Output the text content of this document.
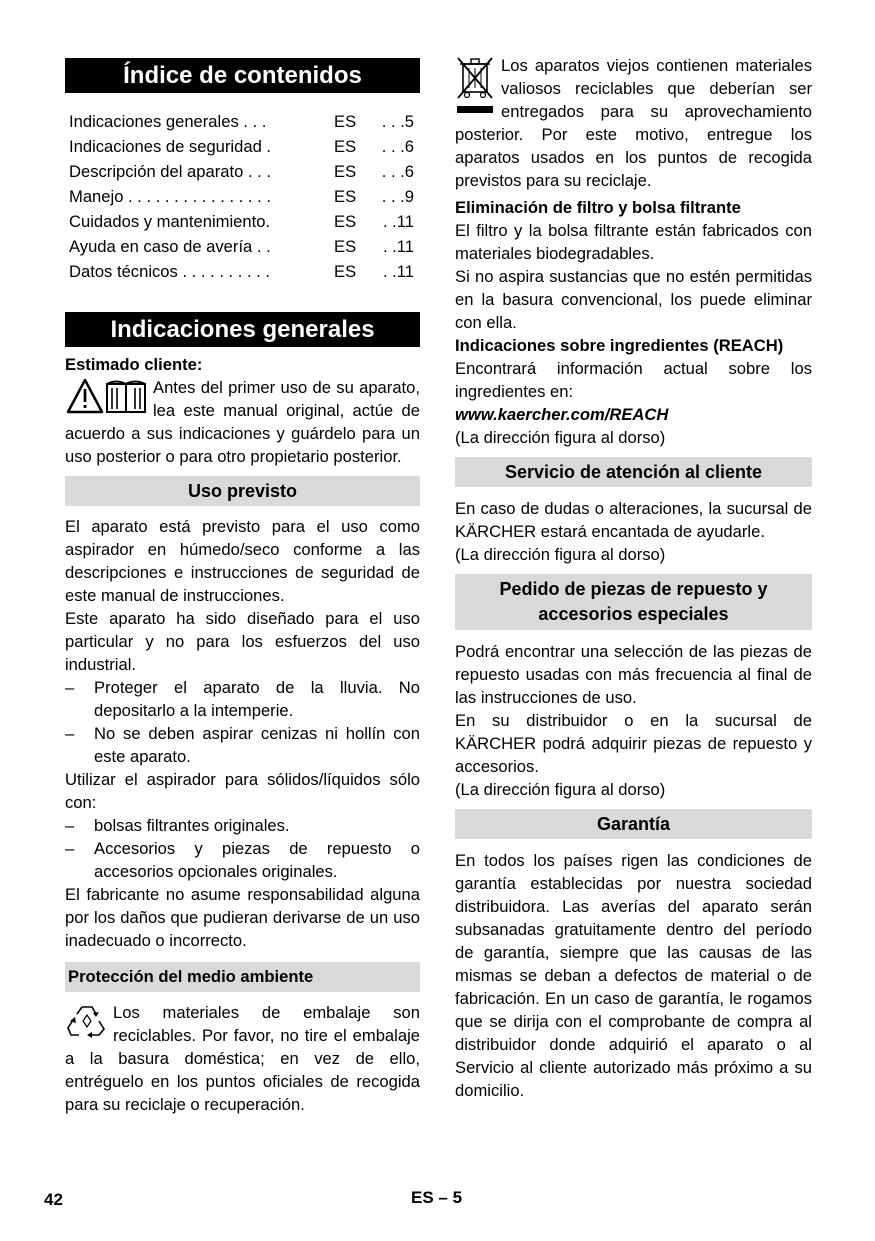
Índice de contenidos
Indicaciones generales . . .	ES	. . .5
Indicaciones de seguridad .	ES	. . .6
Descripción del aparato . . .	ES	. . .6
Manejo . . . . . . . . . . . . . . . .	ES	. . .9
Cuidados y mantenimiento.	ES	. .11
Ayuda en caso de avería . .	ES	. .11
Datos técnicos . . . . . . . . . .	ES	. .11
Indicaciones generales

Estimado cliente:

Antes del primer uso de su aparato, lea este manual original, actúe de acuerdo a sus indicaciones y guárdelo para un uso posterior o para otro propietario posterior.

Uso previsto

El aparato está previsto para el uso como aspirador en húmedo/seco conforme a las descripciones e instrucciones de seguridad de este manual de instrucciones.

Este aparato ha sido diseñado para el uso particular y no para los esfuerzos del uso industrial.

–	Proteger el aparato de la lluvia. No depositarlo a la intemperie.

–	No se deben aspirar cenizas ni hollín con este aparato.

Utilizar el aspirador para sólidos/líquidos sólo con:

–	bolsas filtrantes originales.

–	Accesorios y piezas de repuesto o accesorios opcionales originales.

El fabricante no asume responsabilidad alguna por los daños que pudieran derivarse de un uso inadecuado o incorrecto.

Protección del medio ambiente

Los materiales de embalaje son reciclables. Por favor, no tire el embalaje a la basura doméstica; en vez de ello, entréguelo en los puntos oficiales de recogida para su reciclaje o recuperación.

Los aparatos viejos contienen materiales valiosos reciclables que deberían ser entregados para su aprovechamiento posterior. Por este motivo, entregue los aparatos usados en los puntos de recogida previstos para su reciclaje.

Eliminación de filtro y bolsa filtrante

El filtro y la bolsa filtrante están fabricados con materiales biodegradables.

Si no aspira sustancias que no estén permitidas en la basura convencional, los puede eliminar con ella.

Indicaciones sobre ingredientes (REACH)

Encontrará información actual sobre los ingredientes en:

www.kaercher.com/REACH

(La dirección figura al dorso)

Servicio de atención al cliente

En caso de dudas o alteraciones, la sucursal de KÄRCHER estará encantada de ayudarle.

(La dirección figura al dorso)

Pedido de piezas de repuesto y accesorios especiales

Podrá encontrar una selección de las piezas de repuesto usadas con más frecuencia al final de las instrucciones de uso.

En su distribuidor o en la sucursal de KÄRCHER podrá adquirir piezas de repuesto y accesorios.

(La dirección figura al dorso)

Garantía

En todos los países rigen las condiciones de garantía establecidas por nuestra sociedad distribuidora. Las averías del aparato serán subsanadas gratuitamente dentro del período de garantía, siempre que las causas de las mismas se deban a defectos de material o de fabricación. En un caso de garantía, le rogamos que se dirija con el comprobante de compra al distribuidor donde adquirió el aparato o al Servicio al cliente autorizado más próximo a su domicilio.

42	ES – 5
